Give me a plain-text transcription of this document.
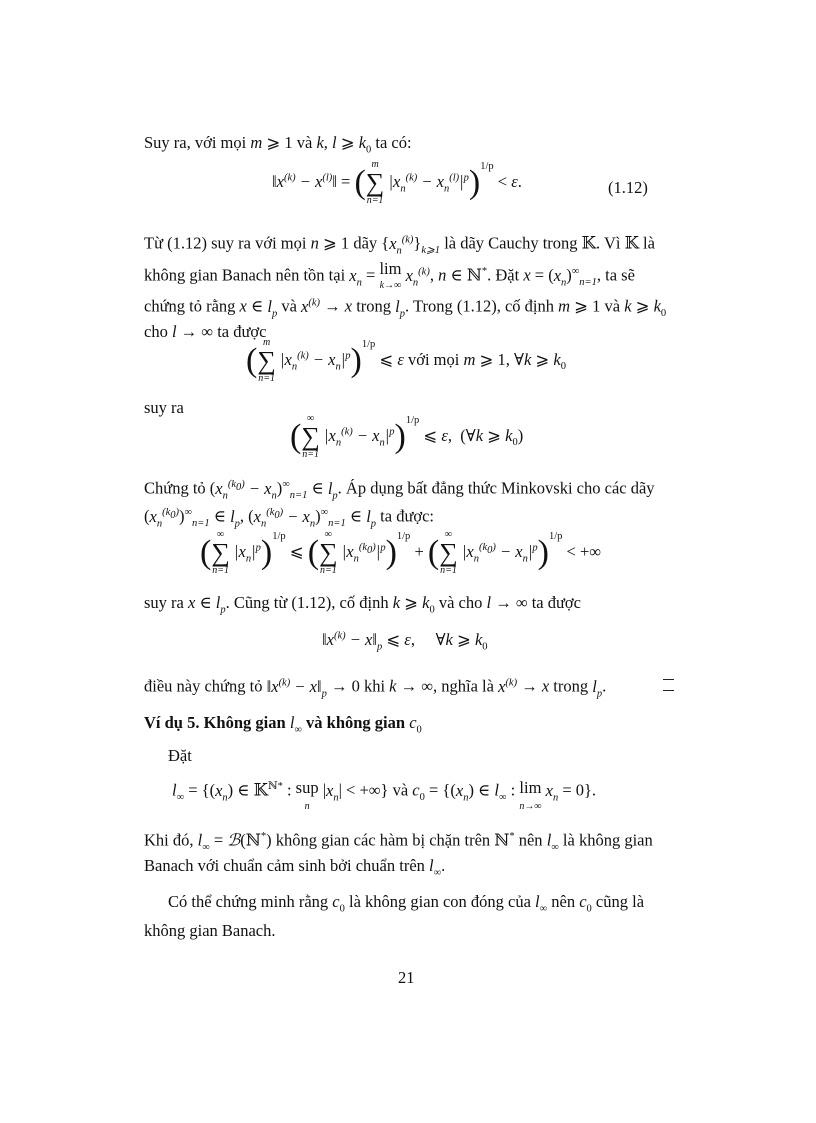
Suy ra, với mọi m ⩾ 1 và k, l ⩾ $k_0$ ta có:
$‖x^{(k)}$ − $x^{(l)}‖$ = ( m
∑
n=1
$|x_n^{(k)} - x_n^{(l)}|^p)^{1/p} < \varepsilon$.	(1.12)
Từ (1.12) suy ra với mọi n ⩾ 1 dãy $\{x_n^{(k)}\}_{k⩾1}$ là dãy Cauchy trong 𝕂. Vì 𝕂 là
không gian Banach nên tồn tại $x_n = \lim$
k→∞ $x_n^{(k)}$, n ∈ ℕ*. Đặt $x = (x_n)^\infty_{n=1}$, ta sẽ
chứng tỏ rằng x ∈ $l_p$ và $x^{(k)} \to x$ trong $l_p$. Trong (1.12), cố định m ⩾ 1 và k ⩾ $k_0$
cho l → ∞ ta được
( m
∑
n=1
$|x_n^{(k)} - x_n|^p)^{1/p}$ ⩽ ε với mọi m ⩾ 1, ∀k ⩾ $k_0$
suy ra
( ∞
∑
n=1
$|x_n^{(k)} - x_n|^p)^{1/p}$ ⩽ ε,  (∀k ⩾ $k_0$)
Chứng tỏ $(x_n^{(k_0)} - x_n)^\infty_{n=1}$ ∈ $l_p$. Áp dụng bất đẳng thức Minkovski cho các dãy
$(x_n^{(k_0)})^\infty_{n=1}$ ∈ $l_p$, $(x_n^{(k_0)} - x_n)^\infty_{n=1}$ ∈ $l_p$ ta được:
( ∞
∑
n=1
$|x_n|^p)^{1/p}$ ⩽ ( ∞
∑
n=1
$|x_n^{(k_0)}|^p)^{1/p}$ + ( ∞
∑
n=1
$|x_n^{(k_0)} - x_n|^p)^{1/p}$ < +∞
suy ra x ∈ $l_p$. Cũng từ (1.12), cố định k ⩾ $k_0$ và cho l → ∞ ta được
$‖x^{(k)}$ − $x‖_p$ ⩽ ε,     ∀k ⩾ $k_0$
điều này chứng tỏ $‖x^{(k)}$ − $x‖_p \to 0$ khi k → ∞, nghĩa là $x^{(k)} \to x$ trong $l_p$.
Ví dụ 5. Không gian $l_\infty$ và không gian $c_0$
Đặt
$l_\infty = \{(x_n)$ ∈ 𝕂$^{ℕ*}$ : sup
n $|x_n|$ < +∞} và $c_0 = \{(x_n)$ ∈ $l_\infty$ : lim
n→∞ $x_n = 0$}.
Khi đó, $l_\infty$ = ℬ(ℕ*) không gian các hàm bị chặn trên ℕ* nên $l_\infty$ là không gian
Banach với chuẩn cảm sinh bởi chuẩn trên $l_\infty$.
Có thể chứng minh rằng $c_0$ là không gian con đóng của $l_\infty$ nên $c_0$ cũng là
không gian Banach.
21
